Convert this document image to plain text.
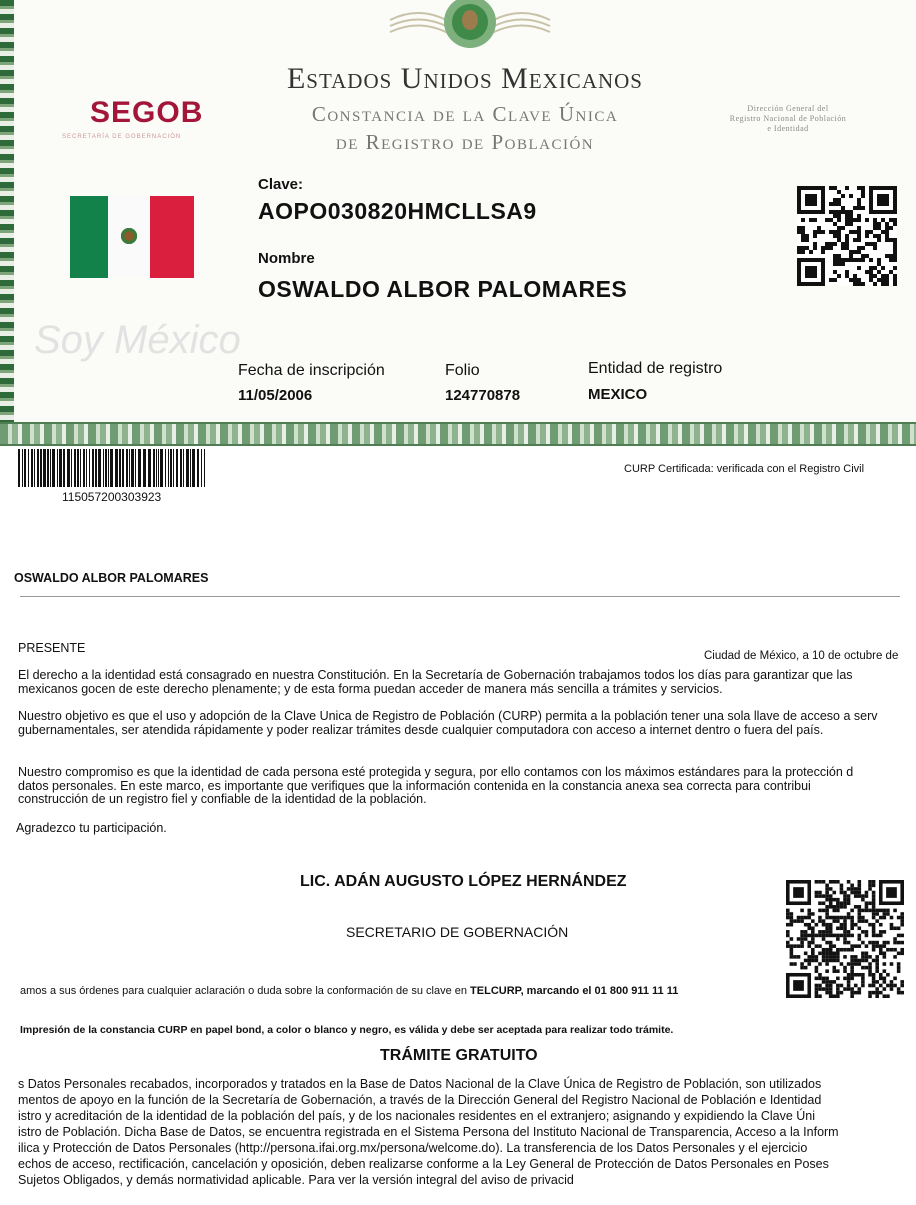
Estados Unidos Mexicanos
Constancia de la Clave Única
de Registro de Población
SEGOB
SECRETARÍA DE GOBERNACIÓN
Dirección General del
Registro Nacional de Población
e Identidad
Clave:
AOPO030820HMCLLSA9
Nombre
OSWALDO ALBOR PALOMARES
Soy México
Fecha de inscripción
11/05/2006
Folio
124770878
Entidad de registro
MEXICO
115057200303923
CURP Certificada: verificada con el Registro Civil
OSWALDO ALBOR PALOMARES
PRESENTE
Ciudad de México, a 10 de octubre de
El derecho a la identidad está consagrado en nuestra Constitución. En la Secretaría de Gobernación trabajamos todos los días para garantizar que las
mexicanos gocen de este derecho plenamente; y de esta forma puedan acceder de manera más sencilla a trámites y servicios.
Nuestro objetivo es que el uso y adopción de la Clave Única de Registro de Población (CURP) permita a la población tener una sola llave de acceso a serv
gubernamentales, ser atendida rápidamente y poder realizar trámites desde cualquier computadora con acceso a internet dentro o fuera del país.
Nuestro compromiso es que la identidad de cada persona esté protegida y segura, por ello contamos con los máximos estándares para la protección d
datos personales. En este marco, es importante que verifiques que la información contenida en la constancia anexa sea correcta para contribui
construcción de un registro fiel y confiable de la identidad de la población.
Agradezco tu participación.
LIC. ADÁN AUGUSTO LÓPEZ HERNÁNDEZ
SECRETARIO DE GOBERNACIÓN
amos a sus órdenes para cualquier aclaración o duda sobre la conformación de su clave en TELCURP, marcando el 01 800 911 11 11
Impresión de la constancia CURP en papel bond, a color o blanco y negro, es válida y debe ser aceptada para realizar todo trámite.
TRÁMITE GRATUITO
s Datos Personales recabados, incorporados y tratados en la Base de Datos Nacional de la Clave Única de Registro de Población, son utilizados
mentos de apoyo en la función de la Secretaría de Gobernación, a través de la Dirección General del Registro Nacional de Población e Identidad
istro y acreditación de la identidad de la población del país, y de los nacionales residentes en el extranjero; asignando y expidiendo la Clave Úni
istro de Población. Dicha Base de Datos, se encuentra registrada en el Sistema Persona del Instituto Nacional de Transparencia, Acceso a la Inform
ilica y Protección de Datos Personales (http://persona.ifai.org.mx/persona/welcome.do). La transferencia de los Datos Personales y el ejercicio
echos de acceso, rectificación, cancelación y oposición, deben realizarse conforme a la Ley General de Protección de Datos Personales en Poses
Sujetos Obligados, y demás normatividad aplicable. Para ver la versión integral del aviso de privacid
